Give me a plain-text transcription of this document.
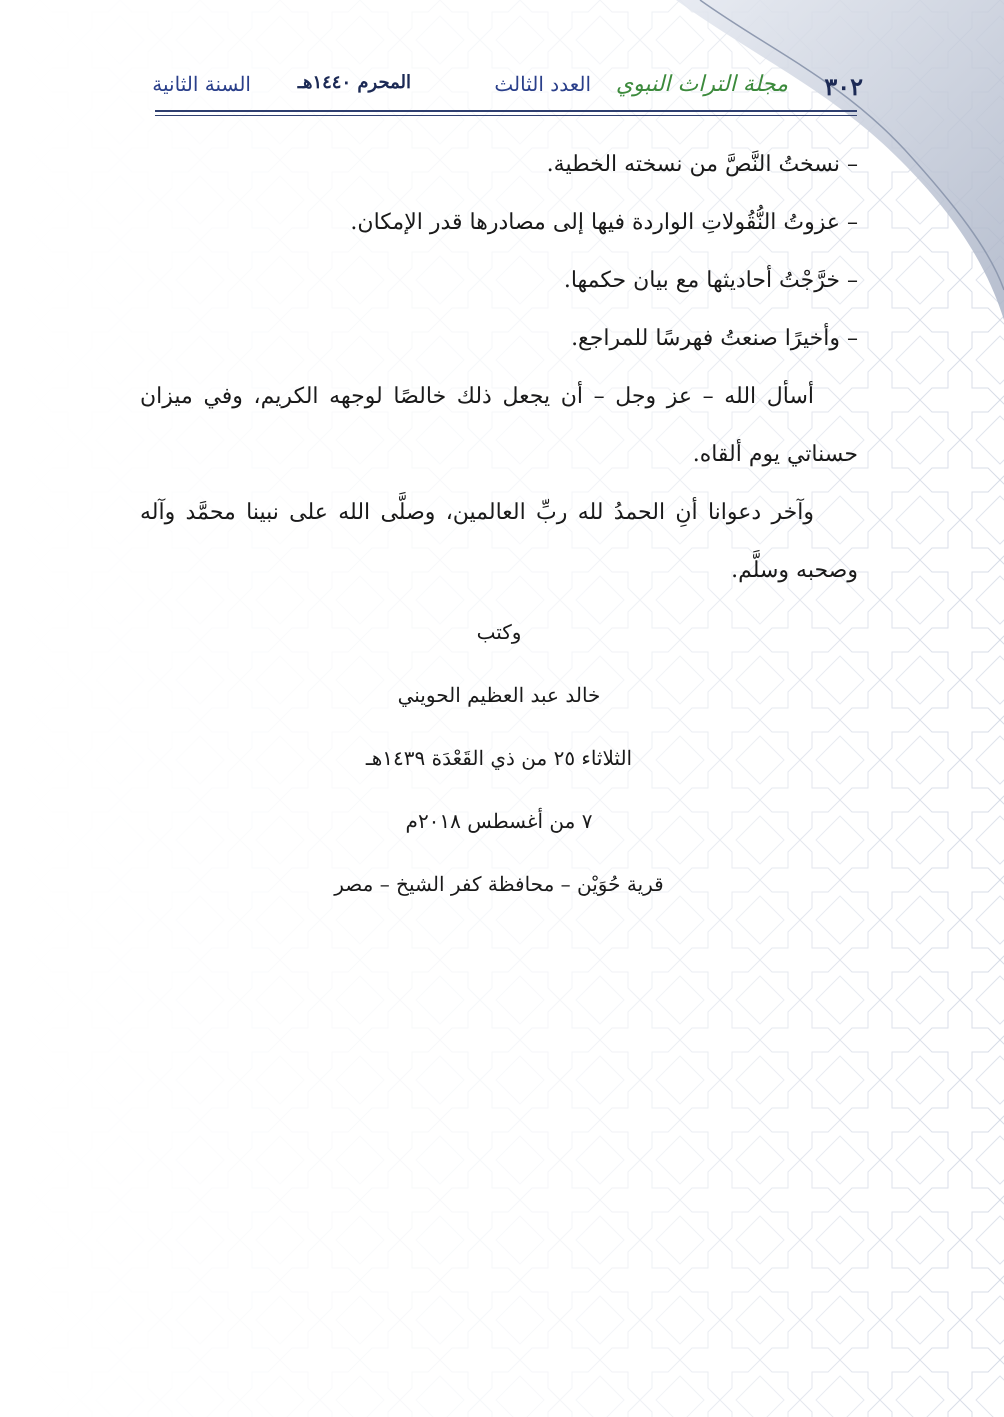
٣٠٢
مجلة التراث النبوي
العدد الثالث
المحرم ١٤٤٠هـ
السنة الثانية

– نسختُ النَّصَّ من نسخته الخطية.

– عزوتُ النُّقُولاتِ الواردة فيها إلى مصادرها قدر الإمكان.

– خرَّجْتُ أحاديثها مع بيان حكمها.

– وأخيرًا صنعتُ فهرسًا للمراجع.

أسأل الله – عز وجل – أن يجعل ذلك خالصًا لوجهه الكريم، وفي ميزان حسناتي يوم ألقاه.

وآخر دعوانا أنِ الحمدُ لله ربِّ العالمين، وصلَّى الله على نبينا محمَّد وآله وصحبه وسلَّم.

وكتب

خالد عبد العظيم الحويني

الثلاثاء ٢٥ من ذي القَعْدَة ١٤٣٩هـ

٧ من أغسطس ٢٠١٨م

قرية حُوَيْن – محافظة كفر الشيخ – مصر
